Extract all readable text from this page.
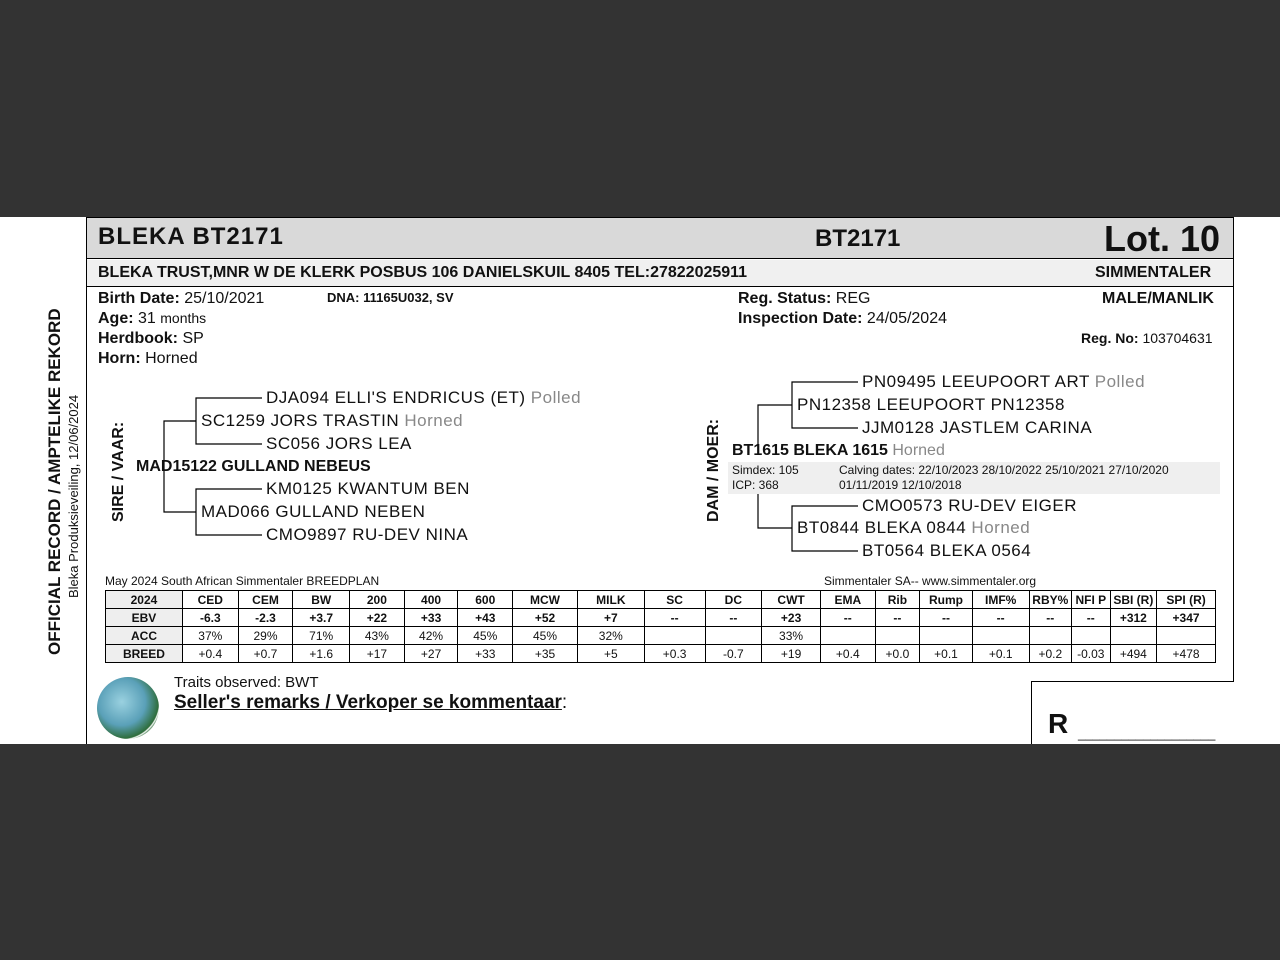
OFFICIAL RECORD / AMPTELIKE REKORD Bleka Produksieveiling, 12/06/2024
BLEKA BT2171	BT2171	Lot. 10
BLEKA TRUST,MNR W DE KLERK POSBUS 106 DANIELSKUIL 8405 TEL:27822025911	SIMMENTALER
Birth Date: 25/10/2021	DNA: 11165U032, SV
Age: 31 months
Herdbook: SP
Horn: Horned
Reg. Status: REG
Inspection Date: 24/05/2024
MALE/MANLIK
Reg. No: 103704631
SIRE / VAAR:	DAM / MOER:
DJA094 ELLI'S ENDRICUS (ET) Polled
SC1259 JORS TRASTIN Horned
SC056 JORS LEA
MAD15122 GULLAND NEBEUS
KM0125 KWANTUM BEN
MAD066 GULLAND NEBEN
CMO9897 RU-DEV NINA
PN09495 LEEUPOORT ART Polled
PN12358 LEEUPOORT PN12358
JJM0128 JASTLEM CARINA
BT1615 BLEKA 1615 Horned
Simdex: 105
ICP: 368
Calving dates: 22/10/2023 28/10/2022 25/10/2021 27/10/2020
01/11/2019 12/10/2018
CMO0573 RU-DEV EIGER
BT0844 BLEKA 0844 Horned
BT0564 BLEKA 0564
May 2024 South African Simmentaler BREEDPLAN	Simmentaler SA-- www.simmentaler.org
2024	CED	CEM	BW	200	400	600	MCW	MILK	SC	DC	CWT	EMA	Rib	Rump	IMF%	RBY%	NFI P	SBI (R)	SPI (R)
EBV	-6.3	-2.3	+3.7	+22	+33	+43	+52	+7	--	--	+23	--	--	--	--	--	--	+312	+347
ACC	37%	29%	71%	43%	42%	45%	45%	32%			33%								
BREED	+0.4	+0.7	+1.6	+17	+27	+33	+35	+5	+0.3	-0.7	+19	+0.4	+0.0	+0.1	+0.1	+0.2	-0.03	+494	+478
Traits observed: BWT
Seller's remarks / Verkoper se kommentaar:
R ___________________
